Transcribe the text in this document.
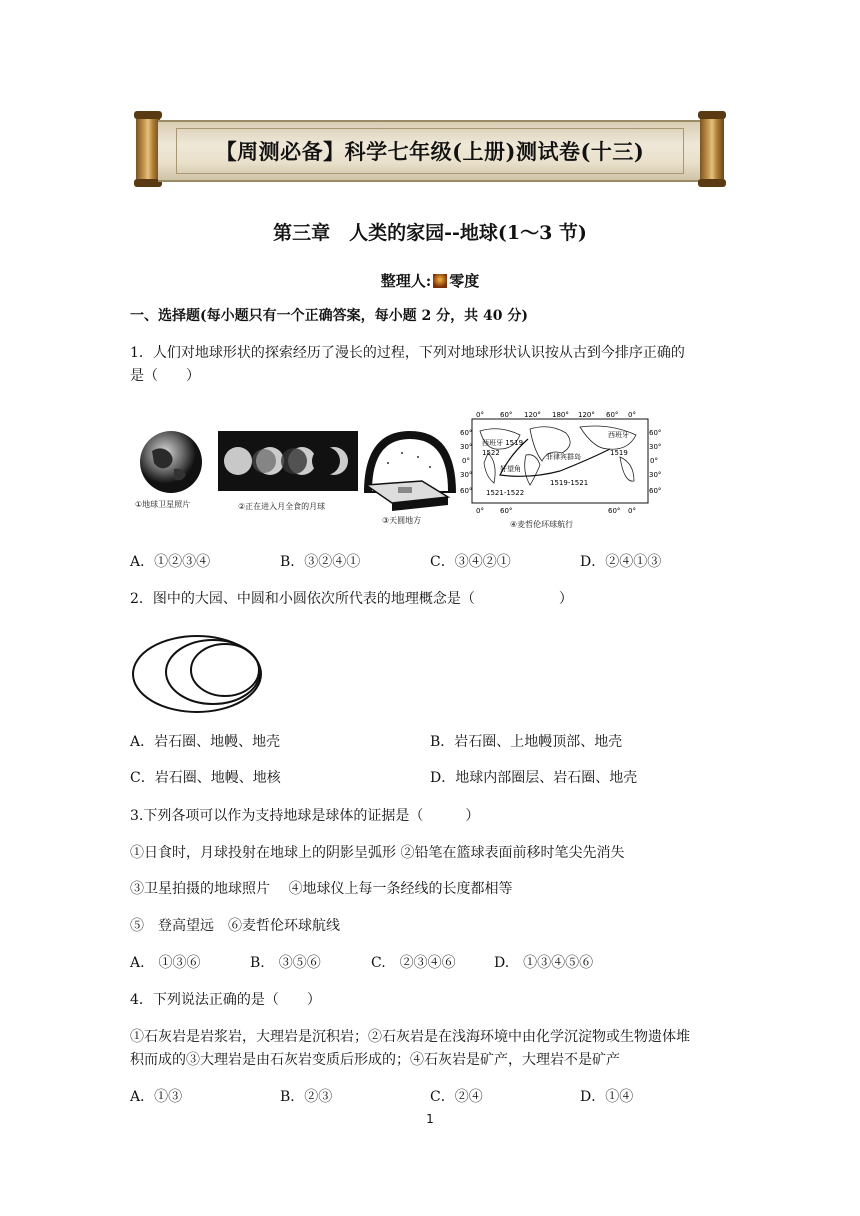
【周测必备】科学七年级(上册)测试卷(十三)
第三章　人类的家园--地球(1～3 节)
整理人: 零度
一、选择题(每小题只有一个正确答案，每小题 2 分，共 40 分)
1．人们对地球形状的探索经历了漫长的过程，下列对地球形状认识按从古到今排序正确的
是（　　）
①地球卫星照片	②正在进入月全食的月球
③天圆地方
0° 60° 120° 180° 120° 60° 0°
60°
30°
0°
30°
60°
60°
30°
0°
30°
60°
0° 60°	60° 0°
西班牙 1519
1522
好望角
1521-1522
1519-1521
菲律宾群岛
西班牙
1519
④麦哲伦环球航行
A．①②③④	B．③②④①	C．③④②①	D．②④①③
2．图中的大园、中圆和小圆依次所代表的地理概念是（　　　　　　）
A．岩石圈、地幔、地壳	B．岩石圈、上地幔顶部、地壳
C．岩石圈、地幔、地核	D．地球内部圈层、岩石圈、地壳
3.下列各项可以作为支持地球是球体的证据是（　　　）
①日食时，月球投射在地球上的阴影呈弧形 ②铅笔在篮球表面前移时笔尖先消失
③卫星拍摄的地球照片　 ④地球仪上每一条经线的长度都相等
⑤　登高望远　⑥麦哲伦环球航线
A.　①③⑥	B.　③⑤⑥	C.　②③④⑥	D.　①③④⑤⑥
4．下列说法正确的是（　　）
①石灰岩是岩浆岩，大理岩是沉积岩；②石灰岩是在浅海环境中由化学沉淀物或生物遗体堆
积而成的③大理岩是由石灰岩变质后形成的；④石灰岩是矿产，大理岩不是矿产
A．①③	B．②③	C．②④	D．①④
1
